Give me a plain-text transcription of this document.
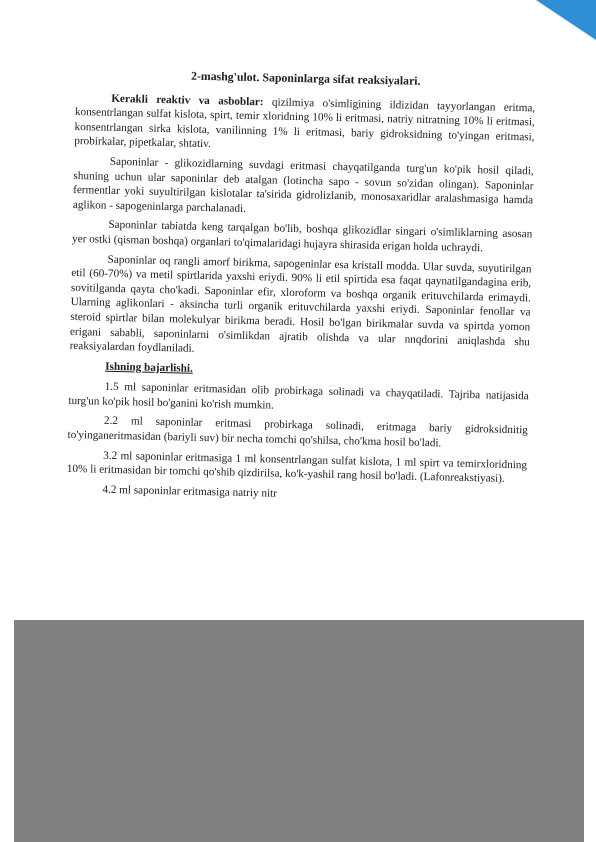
2-mashg'ulot. Saponinlarga sifat reaksiyalari.

Kerakli reaktiv va asboblar: qizilmiya o'simligining ildizidan tayyorlangan eritma, konsentrlangan sulfat kislota, spirt, temir xloridning 10% li eritmasi, natriy nitratning 10% li eritmasi, konsentrlangan sirka kislota, vanilinning 1% li eritmasi, bariy gidroksidning to'yingan eritmasi, probirkalar, pipetkalar, shtativ.

Saponinlar - glikozidlarning suvdagi eritmasi chayqatilganda turg'un ko'pik hosil qiladi, shuning uchun ular saponinlar deb atalgan (lotincha sapo - sovun so'zidan olingan). Saponinlar fermentlar yoki suyultirilgan kislotalar ta'sirida gidrolizlanib, monosaxaridlar aralashmasiga hamda aglikon - sapogeninlarga parchalanadi.

Saponinlar tabiatda keng tarqalgan bo'lib, boshqa glikozidlar singari o'simliklarning asosan yer ostki (qisman boshqa) organlari to'qimalaridagi hujayra shirasida erigan holda uchraydi.

Saponinlar oq rangli amorf birikma, sapogeninlar esa kristall modda. Ular suvda, suyutirilgan etil (60-70%) va metil spirtlarida yaxshi eriydi. 90% li etil spirtida esa faqat qaynatilgandagina erib, sovitilganda qayta cho'kadi. Saponinlar efir, xloroform va boshqa organik erituvchilarda erimaydi. Ularning aglikonlari - aksincha turli organik erituvchilarda yaxshi eriydi. Saponinlar fenollar va steroid spirtlar bilan molekulyar birikma beradi. Hosil bo'lgan birikmalar suvda va spirtda yomon erigani sababli, saponinlarni o'simlikdan ajratib olishda va ular nnqdorini aniqlashda shu reaksiyalardan foydlaniladi.

Ishning bajarlishi.

1.5 ml saponinlar eritmasidan olib probirkaga solinadi va chayqatiladi. Tajriba natijasida turg'un ko'pik hosil bo'ganini ko'rish mumkin.

2.2 ml saponinlar eritmasi probirkaga solinadi, eritmaga bariy gidroksidnitig to'yinganeritmasidan (bariyli suv) bir necha tomchi qo'shilsa, cho'kma hosil bo'ladi.

3.2 ml saponinlar eritmasiga 1 ml konsentrlangan sulfat kislota, 1 ml spirt va temirxloridning 10% li eritmasidan bir tomchi qo'shib qizdirilsa, ko'k-yashil rang hosil bo'ladi. (Lafonreakstiyasi).

4.2 ml saponinlar eritmasiga natriy nitr
